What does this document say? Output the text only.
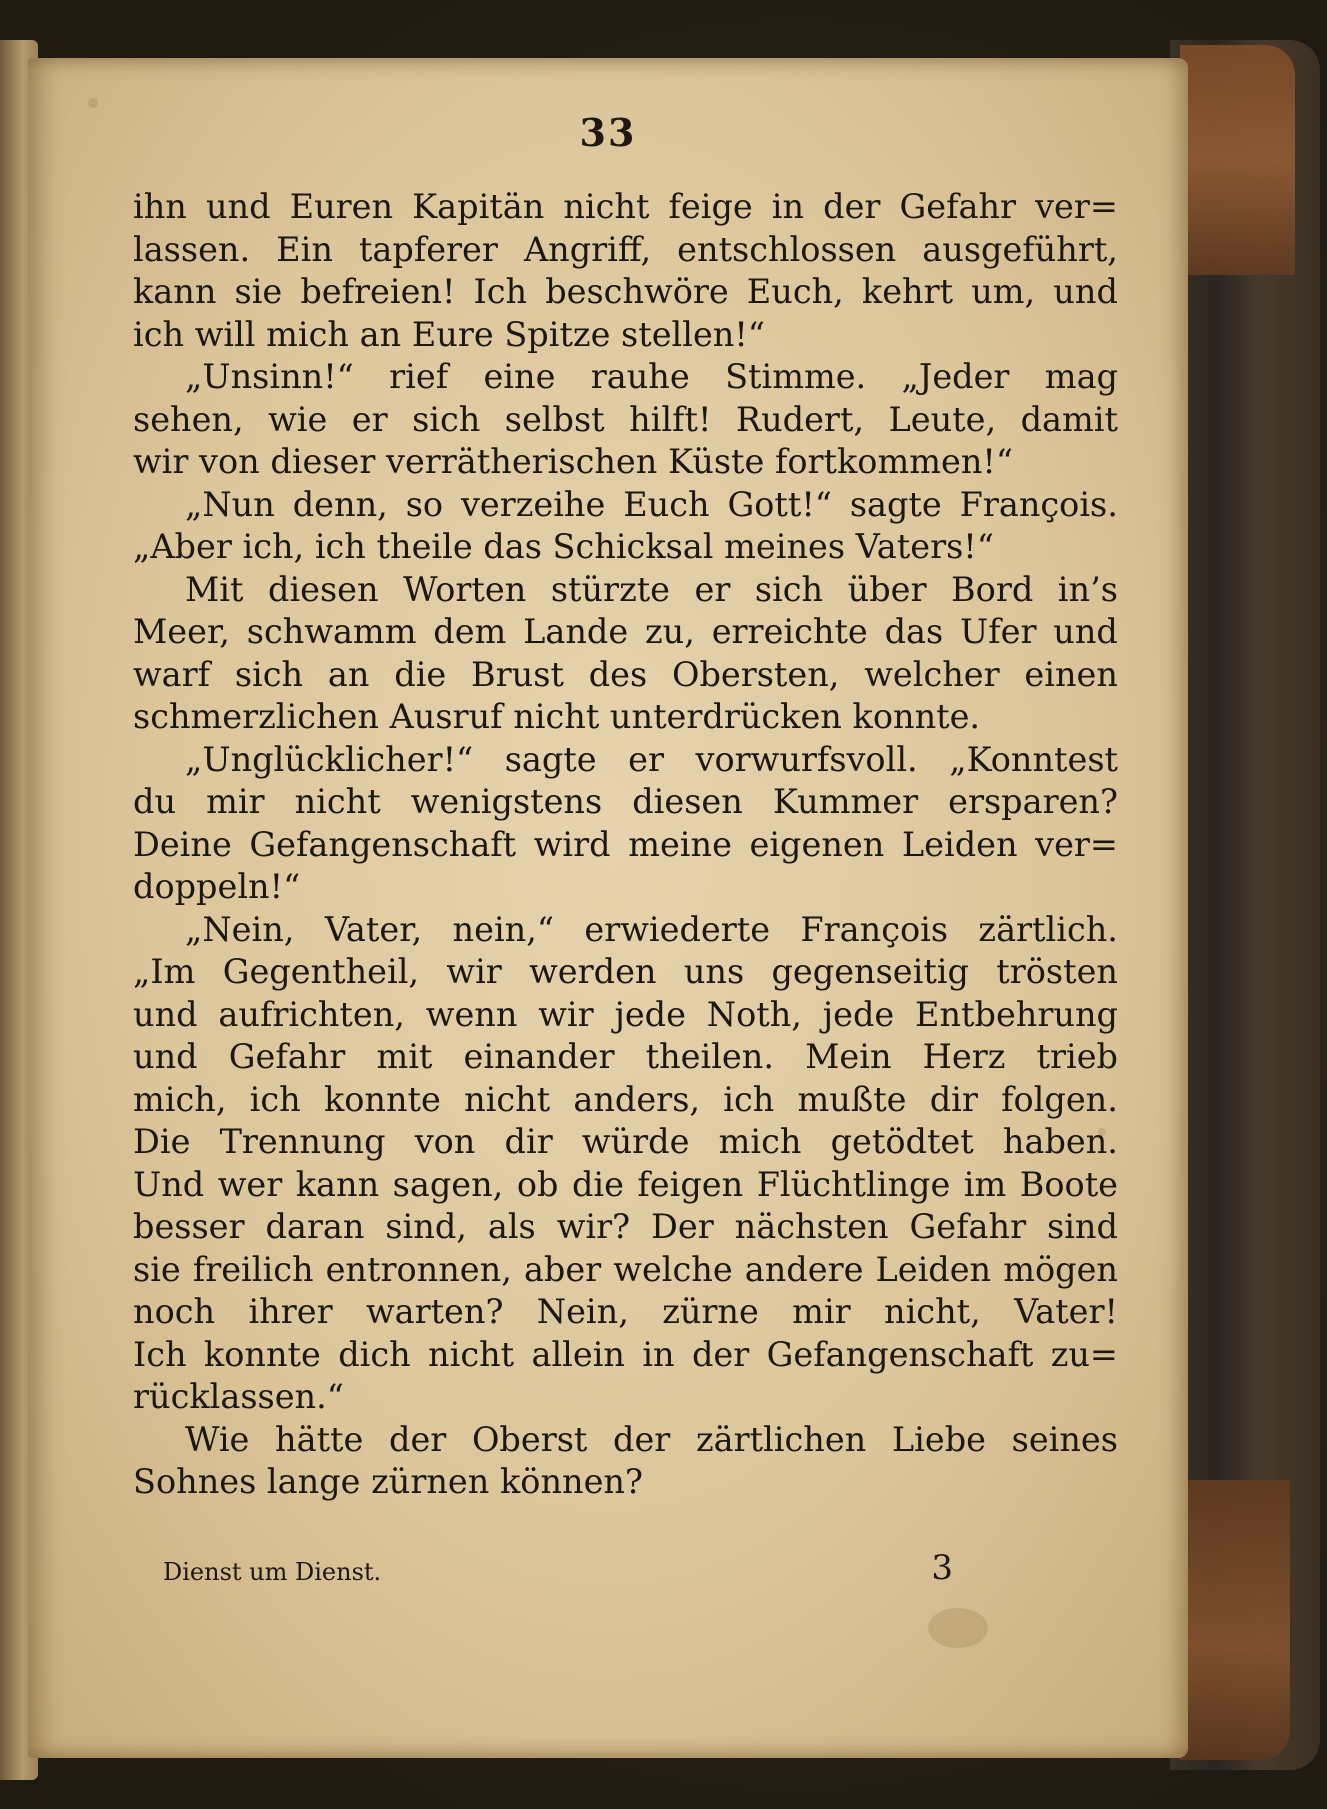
33
ihn und Euren Kapitän nicht feige in der Gefahr ver=
lassen. Ein tapferer Angriff, entschlossen ausgeführt,
kann sie befreien! Ich beschwöre Euch, kehrt um, und
ich will mich an Eure Spitze stellen!“
„Unsinn!“ rief eine rauhe Stimme. „Jeder mag
sehen, wie er sich selbst hilft! Rudert, Leute, damit
wir von dieser verrätherischen Küste fortkommen!“
„Nun denn, so verzeihe Euch Gott!“ sagte François.
„Aber ich, ich theile das Schicksal meines Vaters!“
Mit diesen Worten stürzte er sich über Bord in’s
Meer, schwamm dem Lande zu, erreichte das Ufer und
warf sich an die Brust des Obersten, welcher einen
schmerzlichen Ausruf nicht unterdrücken konnte.
„Unglücklicher!“ sagte er vorwurfsvoll. „Konntest
du mir nicht wenigstens diesen Kummer ersparen?
Deine Gefangenschaft wird meine eigenen Leiden ver=
doppeln!“
„Nein, Vater, nein,“ erwiederte François zärtlich.
„Im Gegentheil, wir werden uns gegenseitig trösten
und aufrichten, wenn wir jede Noth, jede Entbehrung
und Gefahr mit einander theilen. Mein Herz trieb
mich, ich konnte nicht anders, ich mußte dir folgen.
Die Trennung von dir würde mich getödtet haben.
Und wer kann sagen, ob die feigen Flüchtlinge im Boote
besser daran sind, als wir? Der nächsten Gefahr sind
sie freilich entronnen, aber welche andere Leiden mögen
noch ihrer warten? Nein, zürne mir nicht, Vater!
Ich konnte dich nicht allein in der Gefangenschaft zu=
rücklassen.“
Wie hätte der Oberst der zärtlichen Liebe seines
Sohnes lange zürnen können?
Dienst um Dienst.	3
